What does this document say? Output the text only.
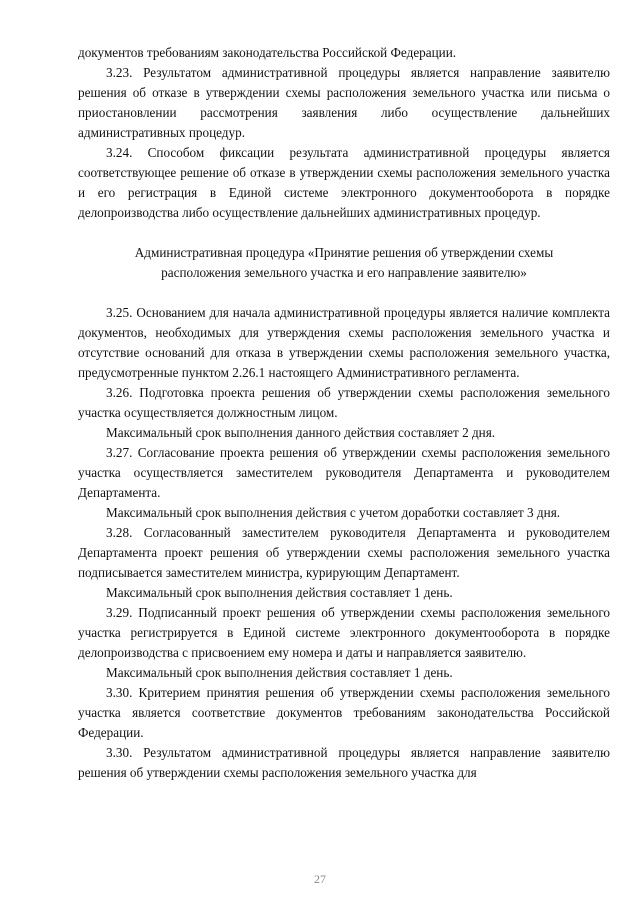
документов требованиям законодательства Российской Федерации.

3.23. Результатом административной процедуры является направление заявителю решения об отказе в утверждении схемы расположения земельного участка или письма о приостановлении рассмотрения заявления либо осуществление дальнейших административных процедур.

3.24. Способом фиксации результата административной процедуры является соответствующее решение об отказе в утверждении схемы расположения земельного участка и его регистрация в Единой системе электронного документооборота в порядке делопроизводства либо осуществление дальнейших административных процедур.

Административная процедура «Принятие решения об утверждении схемы расположения земельного участка и его направление заявителю»

3.25. Основанием для начала административной процедуры является наличие комплекта документов, необходимых для утверждения схемы расположения земельного участка и отсутствие оснований для отказа в утверждении схемы расположения земельного участка, предусмотренные пунктом 2.26.1 настоящего Административного регламента.

3.26. Подготовка проекта решения об утверждении схемы расположения земельного участка осуществляется должностным лицом.

Максимальный срок выполнения данного действия составляет 2 дня.

3.27. Согласование проекта решения об утверждении схемы расположения земельного участка осуществляется заместителем руководителя Департамента и руководителем Департамента.

Максимальный срок выполнения действия с учетом доработки составляет 3 дня.

3.28. Согласованный заместителем руководителя Департамента и руководителем Департамента проект решения об утверждении схемы расположения земельного участка подписывается заместителем министра, курирующим Департамент.

Максимальный срок выполнения действия составляет 1 день.

3.29. Подписанный проект решения об утверждении схемы расположения земельного участка регистрируется в Единой системе электронного документооборота в порядке делопроизводства с присвоением ему номера и даты и направляется заявителю.

Максимальный срок выполнения действия составляет 1 день.

3.30. Критерием принятия решения об утверждении схемы расположения земельного участка является соответствие документов требованиям законодательства Российской Федерации.

3.30. Результатом административной процедуры является направление заявителю решения об утверждении схемы расположения земельного участка для

27
